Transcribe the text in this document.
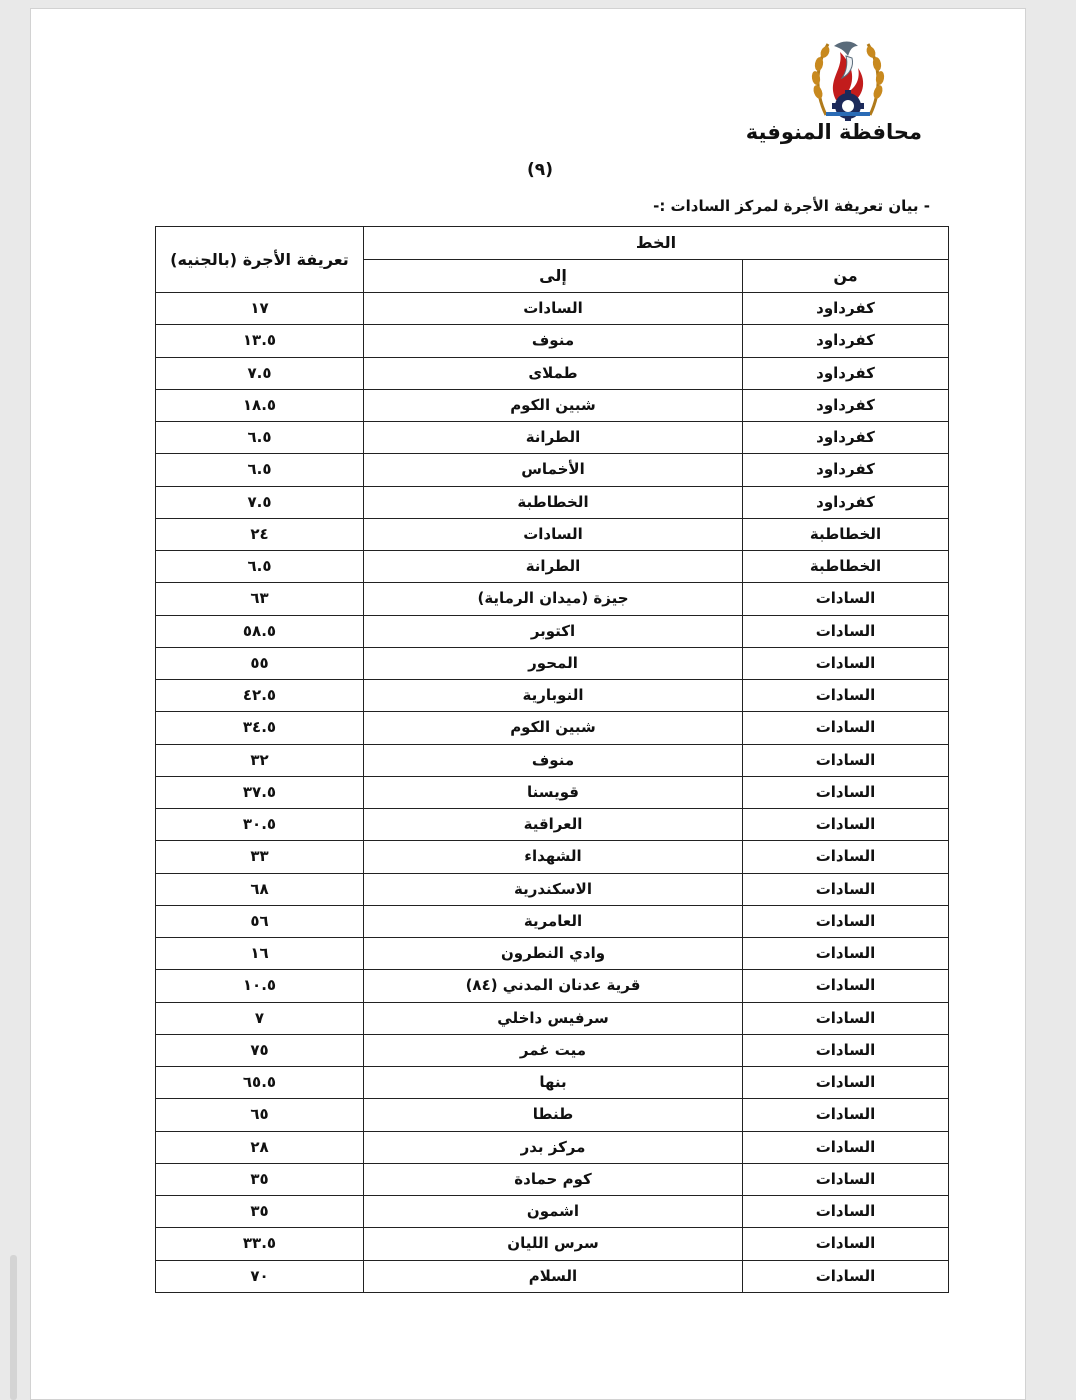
محافظة المنوفية
(٩)
- بيان تعريفة الأجرة لمركز السادات :-
الخط		تعريفة الأجرة (بالجنيه)
من	إلى	
كفرداود	السادات	١٧
كفرداود	منوف	١٣.٥
كفرداود	طملاى	٧.٥
كفرداود	شبين الكوم	١٨.٥
كفرداود	الطرانة	٦.٥
كفرداود	الأخماس	٦.٥
كفرداود	الخطاطبة	٧.٥
الخطاطبة	السادات	٢٤
الخطاطبة	الطرانة	٦.٥
السادات	جيزة (ميدان الرماية)	٦٣
السادات	اكتوبر	٥٨.٥
السادات	المحور	٥٥
السادات	النوبارية	٤٢.٥
السادات	شبين الكوم	٣٤.٥
السادات	منوف	٣٢
السادات	قويسنا	٣٧.٥
السادات	العراقية	٣٠.٥
السادات	الشهداء	٣٣
السادات	الاسكندرية	٦٨
السادات	العامرية	٥٦
السادات	وادي النطرون	١٦
السادات	قرية عدنان المدني (٨٤)	١٠.٥
السادات	سرفيس داخلي	٧
السادات	ميت غمر	٧٥
السادات	بنها	٦٥.٥
السادات	طنطا	٦٥
السادات	مركز بدر	٢٨
السادات	كوم حمادة	٣٥
السادات	اشمون	٣٥
السادات	سرس الليان	٣٣.٥
السادات	السلام	٧٠
